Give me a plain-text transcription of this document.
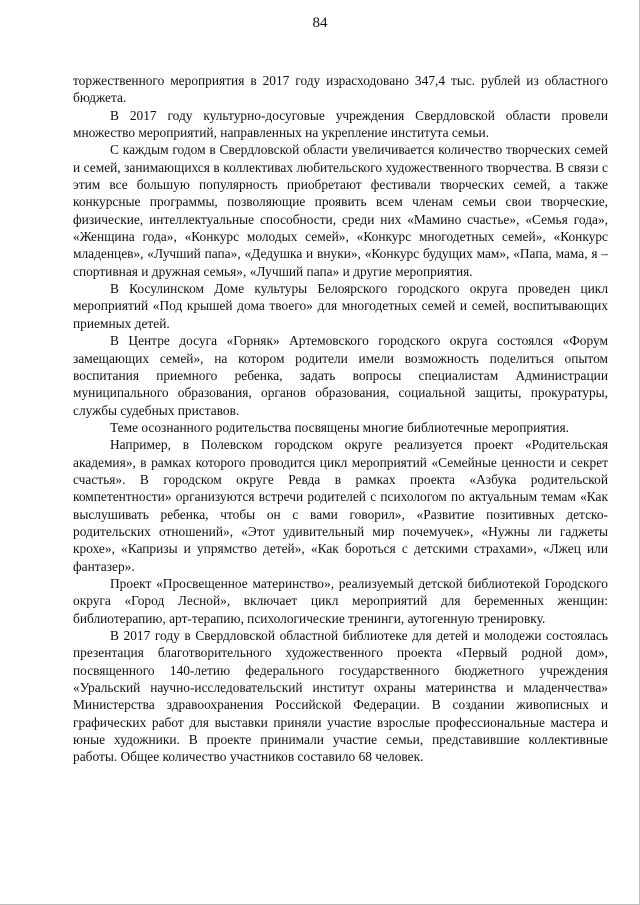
84

торжественного мероприятия в 2017 году израсходовано 347,4 тыс. рублей из областного бюджета.

В 2017 году культурно-досуговые учреждения Свердловской области провели множество мероприятий, направленных на укрепление института семьи.

С каждым годом в Свердловской области увеличивается количество творческих семей и семей, занимающихся в коллективах любительского художественного творчества. В связи с этим все большую популярность приобретают фестивали творческих семей, а также конкурсные программы, позволяющие проявить всем членам семьи свои творческие, физические, интеллектуальные способности, среди них «Мамино счастье», «Семья года», «Женщина года», «Конкурс молодых семей», «Конкурс многодетных семей», «Конкурс младенцев», «Лучший папа», «Дедушка и внуки», «Конкурс будущих мам», «Папа, мама, я – спортивная и дружная семья», «Лучший папа» и другие мероприятия.

В Косулинском Доме культуры Белоярского городского округа проведен цикл мероприятий «Под крышей дома твоего» для многодетных семей и семей, воспитывающих приемных детей.

В Центре досуга «Горняк» Артемовского городского округа состоялся «Форум замещающих семей», на котором родители имели возможность поделиться опытом воспитания приемного ребенка, задать вопросы специалистам Администрации муниципального образования, органов образования, социальной защиты, прокуратуры, службы судебных приставов.

Теме осознанного родительства посвящены многие библиотечные мероприятия.

Например, в Полевском городском округе реализуется проект «Родительская академия», в рамках которого проводится цикл мероприятий «Семейные ценности и секрет счастья». В городском округе Ревда в рамках проекта «Азбука родительской компетентности» организуются встречи родителей с психологом по актуальным темам «Как выслушивать ребенка, чтобы он с вами говорил», «Развитие позитивных детско-родительских отношений», «Этот удивительный мир почемучек», «Нужны ли гаджеты крохе», «Капризы и упрямство детей», «Как бороться с детскими страхами», «Лжец или фантазер».

Проект «Просвещенное материнство», реализуемый детской библиотекой Городского округа «Город Лесной», включает цикл мероприятий для беременных женщин: библиотерапию, арт-терапию, психологические тренинги, аутогенную тренировку.

В 2017 году в Свердловской областной библиотеке для детей и молодежи состоялась презентация благотворительного художественного проекта «Первый родной дом», посвященного 140-летию федерального государственного бюджетного учреждения «Уральский научно-исследовательский институт охраны материнства и младенчества» Министерства здравоохранения Российской Федерации. В создании живописных и графических работ для выставки приняли участие взрослые профессиональные мастера и юные художники. В проекте принимали участие семьи, представившие коллективные работы. Общее количество участников составило 68 человек.
